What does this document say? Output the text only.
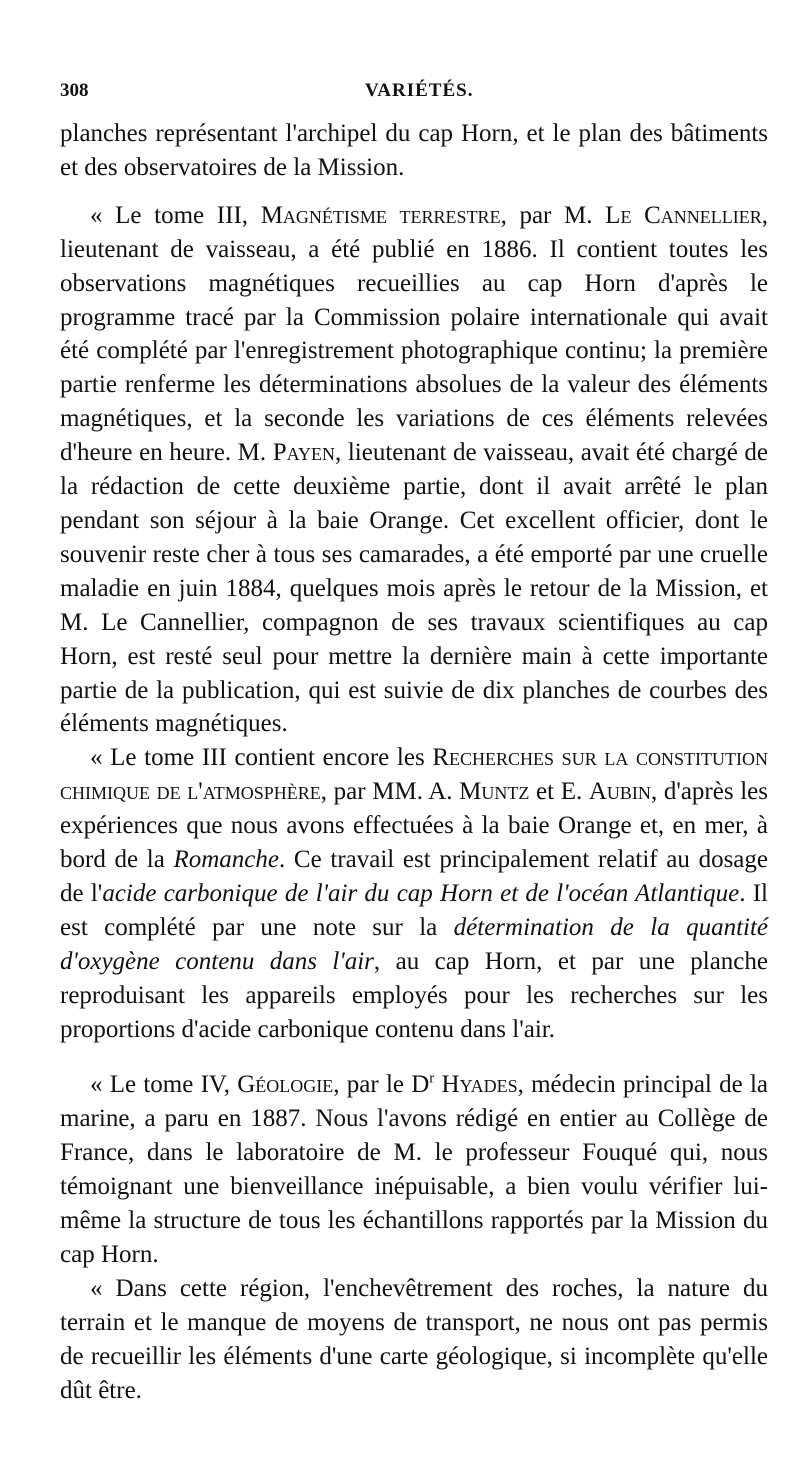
308	VARIÉTÉS.

planches représentant l'archipel du cap Horn, et le plan des bâtiments et des observatoires de la Mission.

« Le tome III, Magnétisme terrestre, par M. Le Cannellier, lieutenant de vaisseau, a été publié en 1886. Il contient toutes les observations magnétiques recueillies au cap Horn d'après le programme tracé par la Commission polaire internationale qui avait été complété par l'enregistrement photographique continu; la première partie renferme les déterminations absolues de la valeur des éléments magnétiques, et la seconde les variations de ces éléments relevées d'heure en heure. M. Payen, lieutenant de vaisseau, avait été chargé de la rédaction de cette deuxième partie, dont il avait arrêté le plan pendant son séjour à la baie Orange. Cet excellent officier, dont le souvenir reste cher à tous ses camarades, a été emporté par une cruelle maladie en juin 1884, quelques mois après le retour de la Mission, et M. Le Cannellier, compagnon de ses travaux scientifiques au cap Horn, est resté seul pour mettre la dernière main à cette importante partie de la publication, qui est suivie de dix planches de courbes des éléments magnétiques.

« Le tome III contient encore les Recherches sur la constitution chimique de l'atmosphère, par MM. A. Muntz et E. Aubin, d'après les expériences que nous avons effectuées à la baie Orange et, en mer, à bord de la Romanche. Ce travail est principalement relatif au dosage de l'acide carbonique de l'air du cap Horn et de l'océan Atlantique. Il est complété par une note sur la détermination de la quantité d'oxygène contenu dans l'air, au cap Horn, et par une planche reproduisant les appareils employés pour les recherches sur les proportions d'acide carbonique contenu dans l'air.

« Le tome IV, Géologie, par le $D^r$ Hyades, médecin principal de la marine, a paru en 1887. Nous l'avons rédigé en entier au Collège de France, dans le laboratoire de M. le professeur Fouqué qui, nous témoignant une bienveillance inépuisable, a bien voulu vérifier lui-même la structure de tous les échantillons rapportés par la Mission du cap Horn.

« Dans cette région, l'enchevêtrement des roches, la nature du terrain et le manque de moyens de transport, ne nous ont pas permis de recueillir les éléments d'une carte géologique, si incomplète qu'elle dût être.
